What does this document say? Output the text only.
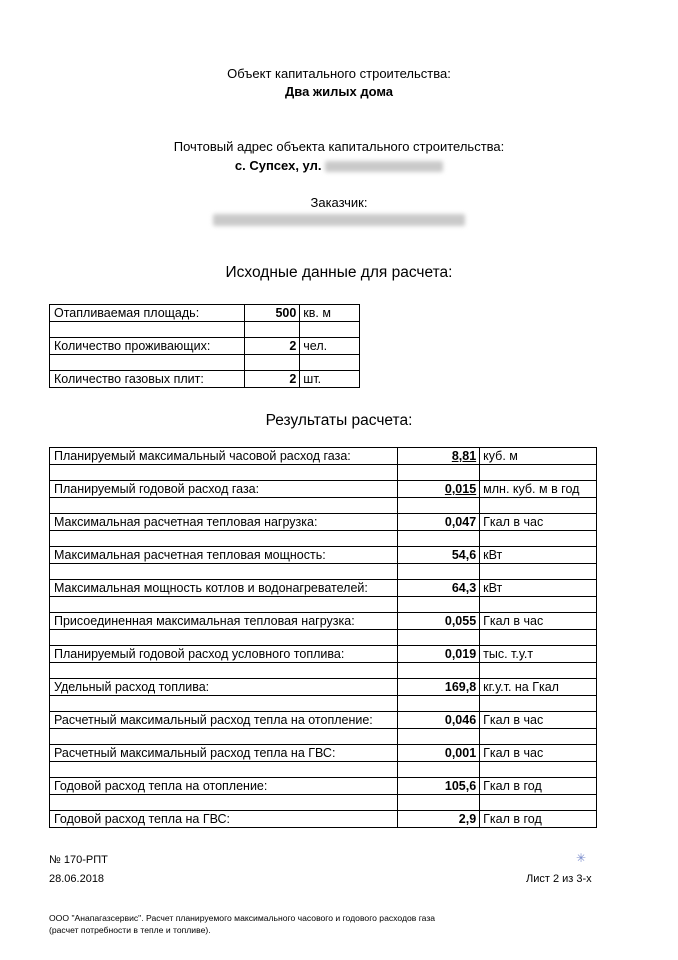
Объект капитального строительства:
Два жилых дома
Почтовый адрес объекта капитального строительства:
с. Супсех, ул.
Заказчик:
Исходные данные для расчета:
Отапливаемая площадь:	500	кв. м

Количество проживающих:	2	чел.

Количество газовых плит:	2	шт.
Результаты расчета:
Планируемый максимальный часовой расход газа:	8,81	куб. м

Планируемый годовой расход газа:	0,015	млн. куб. м в год

Максимальная расчетная тепловая нагрузка:	0,047	Гкал в час

Максимальная расчетная тепловая мощность:	54,6	кВт

Максимальная мощность котлов и водонагревателей:	64,3	кВт

Присоединенная максимальная тепловая нагрузка:	0,055	Гкал в час

Планируемый годовой расход условного топлива:	0,019	тыс. т.у.т

Удельный расход топлива:	169,8	кг.у.т. на Гкал

Расчетный максимальный расход тепла на отопление:	0,046	Гкал в час

Расчетный максимальный расход тепла на ГВС:	0,001	Гкал в час

Годовой расход тепла на отопление:	105,6	Гкал в год

Годовой расход тепла на ГВС:	2,9	Гкал в год
№ 170-РПТ
28.06.2018
✳
Лист 2 из 3-х
ООО "Анапагазсервис". Расчет планируемого максимального часового и годового расходов газа
(расчет потребности в тепле и топливе).
